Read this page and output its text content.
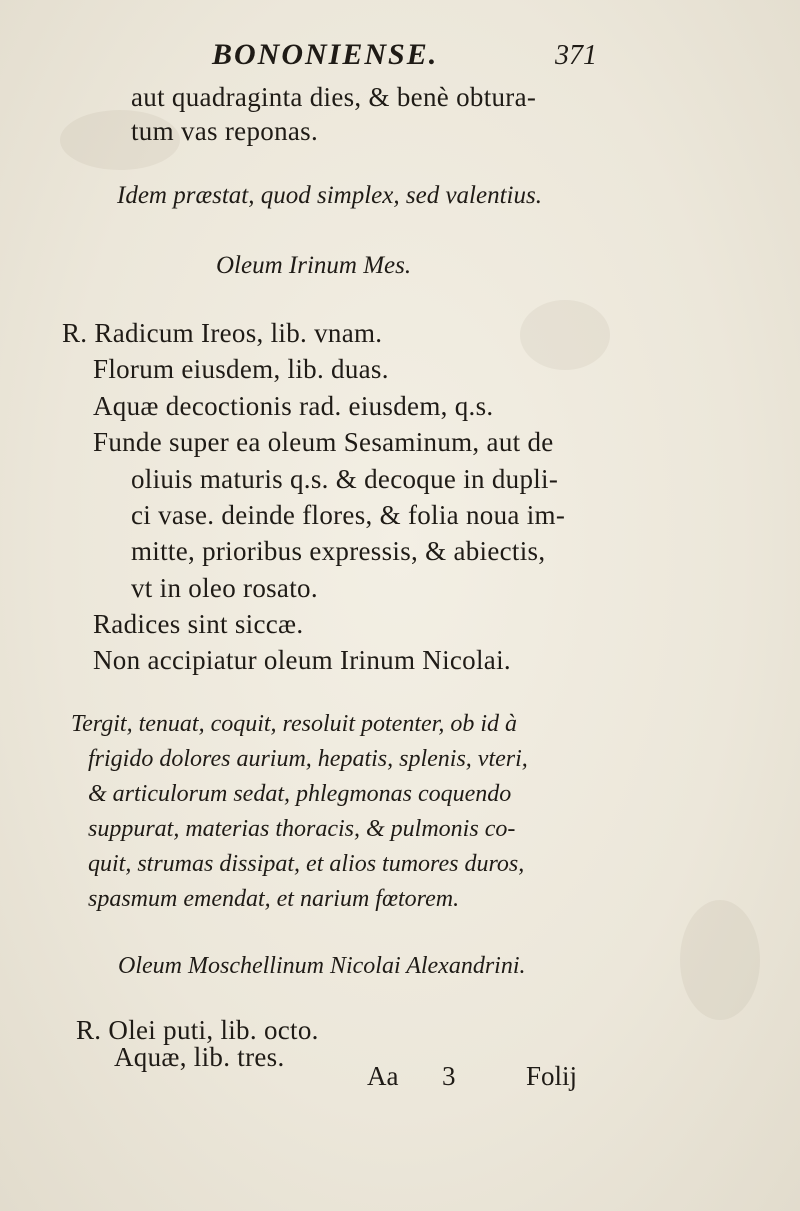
BONONIENSE.	371
aut quadraginta dies, & benè obtura-
tum vas reponas.
Idem præstat, quod simplex, sed valentius.
Oleum Irinum Mes.
R. Radicum Ireos, lib. vnam.
Florum eiusdem, lib. duas.
Aquæ decoctionis rad. eiusdem, q.s.
Funde super ea oleum Sesaminum, aut de
oliuis maturis q.s. & decoque in dupli-
ci vase. deinde flores, & folia noua im-
mitte, prioribus expressis, & abiectis,
vt in oleo rosato.
Radices sint siccæ.
Non accipiatur oleum Irinum Nicolai.
Tergit, tenuat, coquit, resoluit potenter, ob id à
frigido dolores aurium, hepatis, splenis, vteri,
& articulorum sedat, phlegmonas coquendo
suppurat, materias thoracis, & pulmonis co-
quit, strumas dissipat, et alios tumores duros,
spasmum emendat, et narium fœtorem.
Oleum Moschellinum Nicolai Alexandrini.
R. Olei puti, lib. octo.
Aquæ, lib. tres.
Aa 3	Folij
